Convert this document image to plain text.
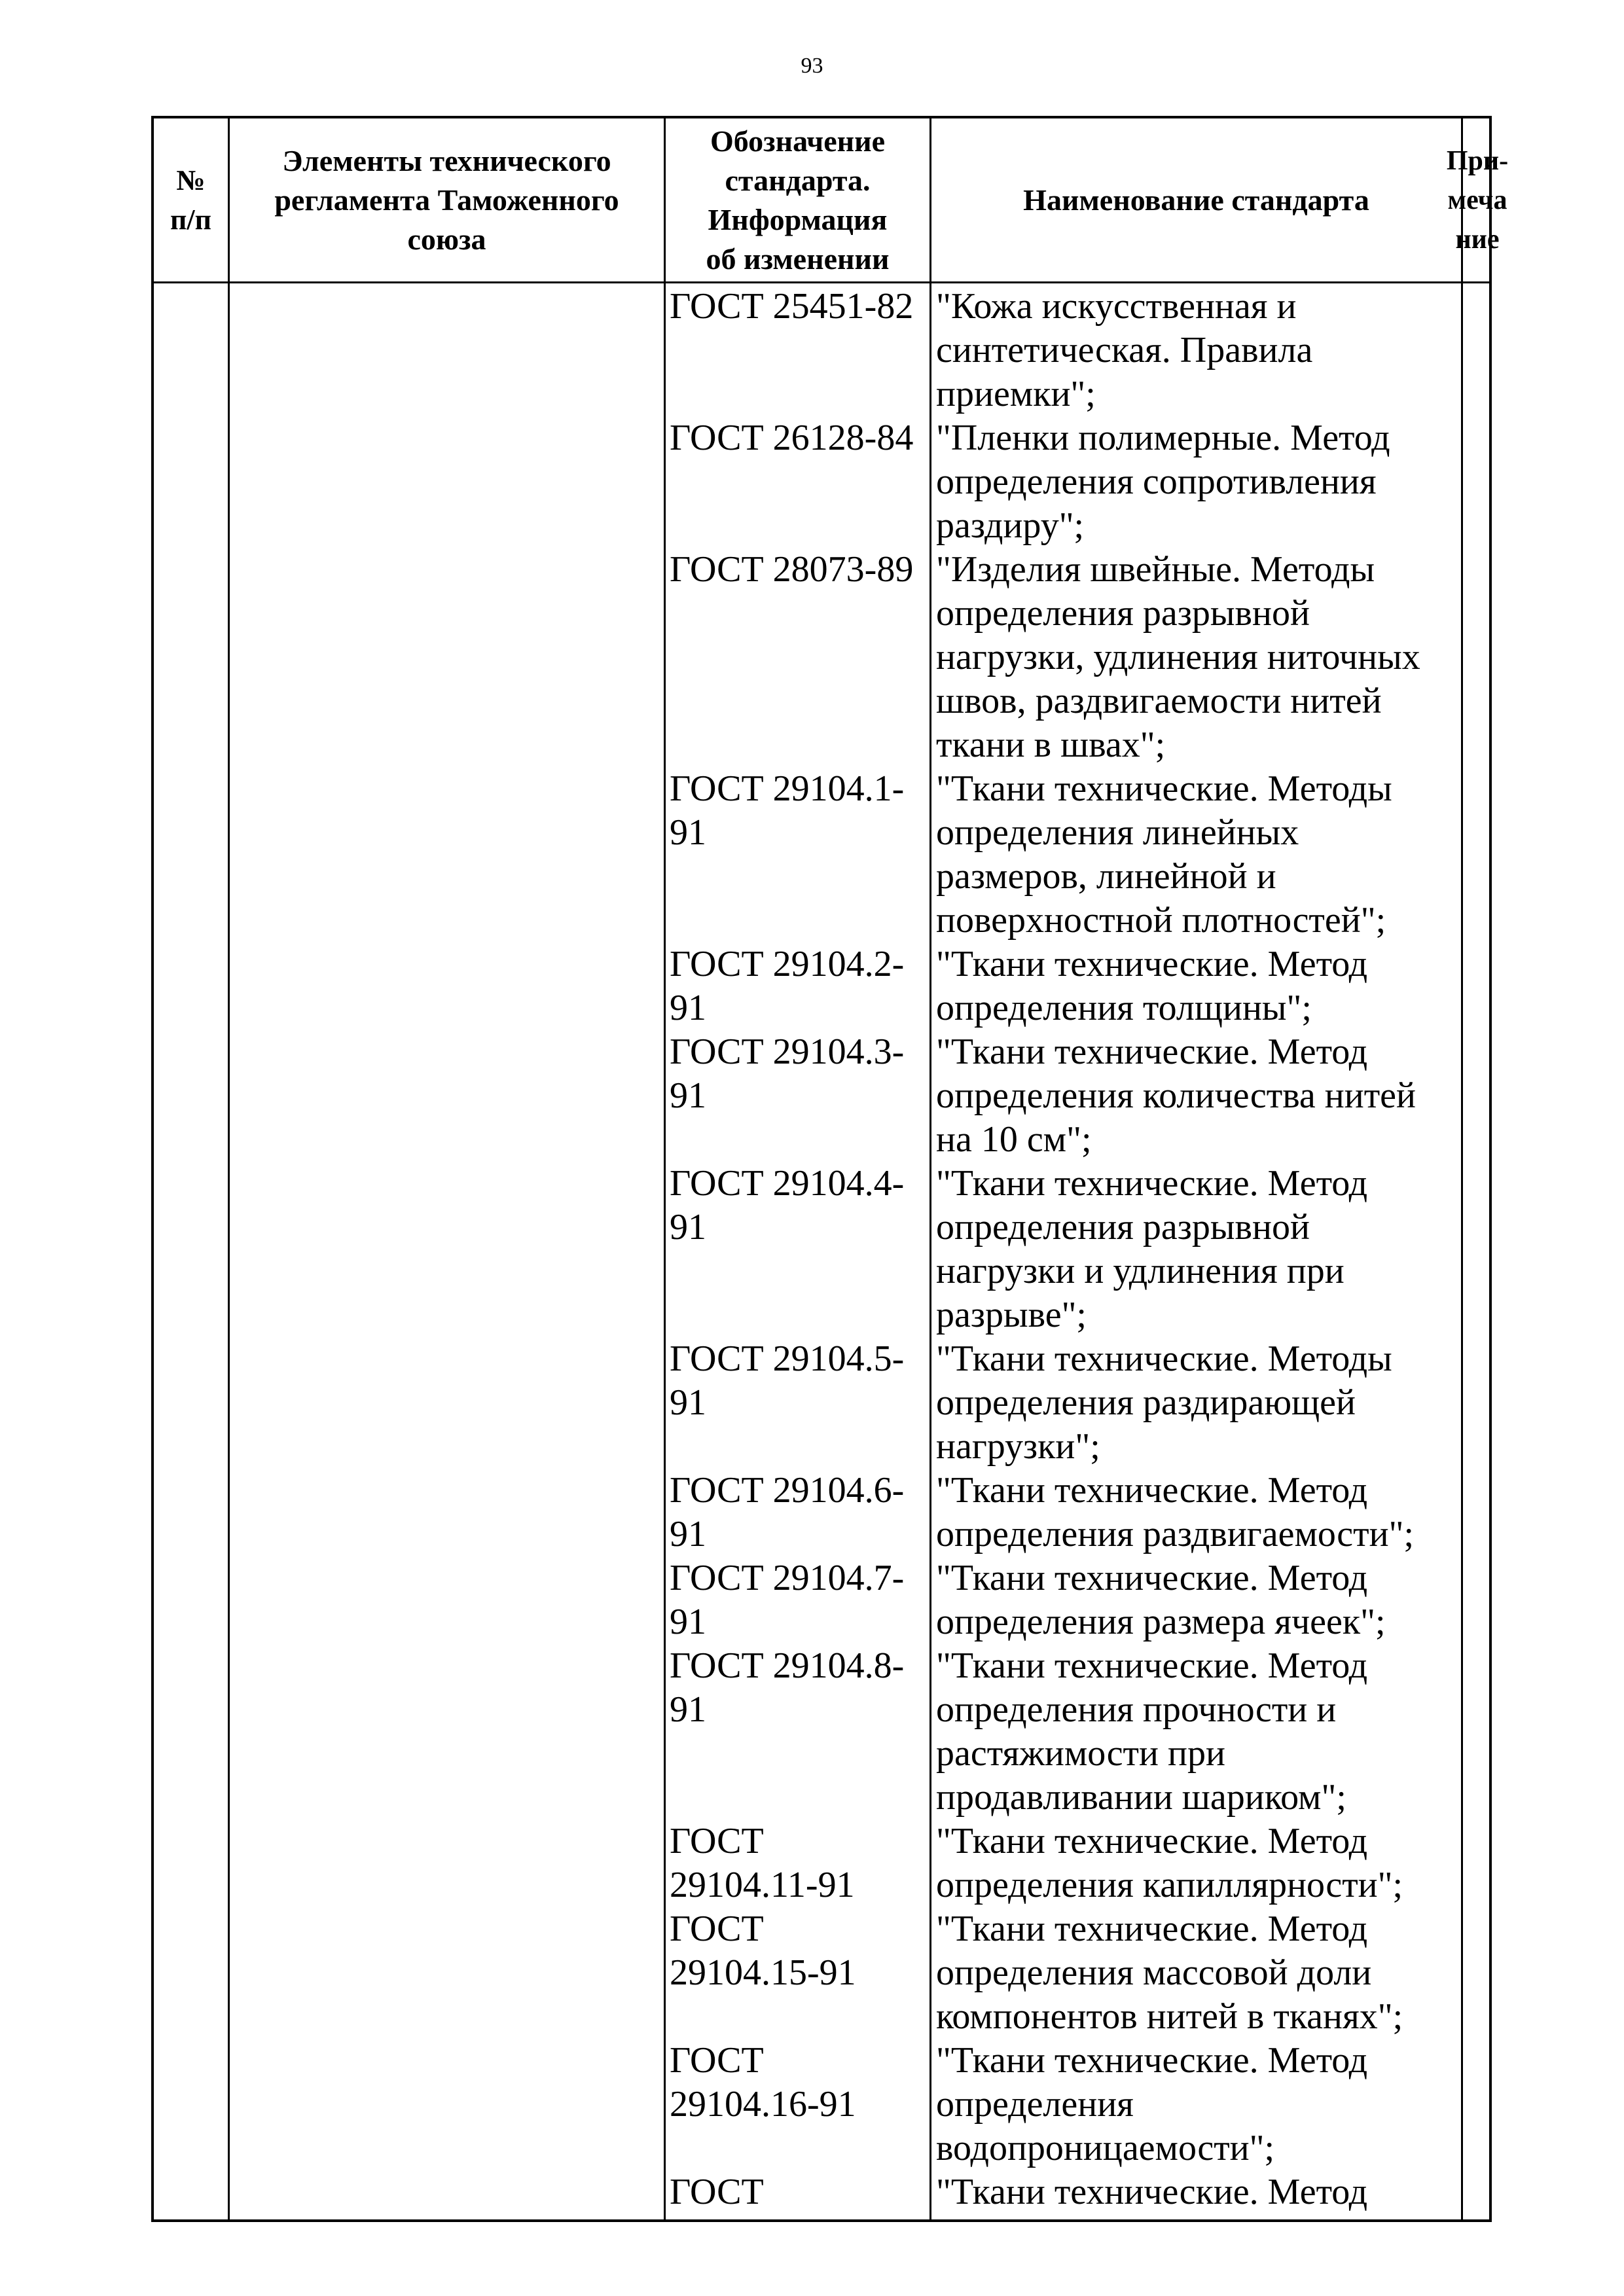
93
№
п/п
Элементы технического
регламента Таможенного
союза
Обозначение
стандарта.
Информация
об изменении
Наименование стандарта
При-
меча
ние
ГОСТ 25451-82 "Кожа искусственная и
синтетическая. Правила
приемки";
ГОСТ 26128-84 "Пленки полимерные. Метод
определения сопротивления
раздиру";
ГОСТ 28073-89 "Изделия швейные. Методы
определения разрывной
нагрузки, удлинения ниточных
швов, раздвигаемости нитей
ткани в швах";
ГОСТ 29104.1-
91
"Ткани технические. Методы
определения линейных
размеров, линейной и
поверхностной плотностей";
ГОСТ 29104.2-
91
"Ткани технические. Метод
определения толщины";
ГОСТ 29104.3-
91
"Ткани технические. Метод
определения количества нитей
на 10 см";
ГОСТ 29104.4-
91
"Ткани технические. Метод
определения разрывной
нагрузки и удлинения при
разрыве";
ГОСТ 29104.5-
91
"Ткани технические. Методы
определения раздирающей
нагрузки";
ГОСТ 29104.6-
91
"Ткани технические. Метод
определения раздвигаемости";
ГОСТ 29104.7-
91
"Ткани технические. Метод
определения размера ячеек";
ГОСТ 29104.8-
91
"Ткани технические. Метод
определения прочности и
растяжимости при
продавливании шариком";
ГОСТ
29104.11-91
"Ткани технические. Метод
определения капиллярности";
ГОСТ
29104.15-91
"Ткани технические. Метод
определения массовой доли
компонентов нитей в тканях";
ГОСТ
29104.16-91
"Ткани технические. Метод
определения
водопроницаемости";
ГОСТ	"Ткани технические. Метод
